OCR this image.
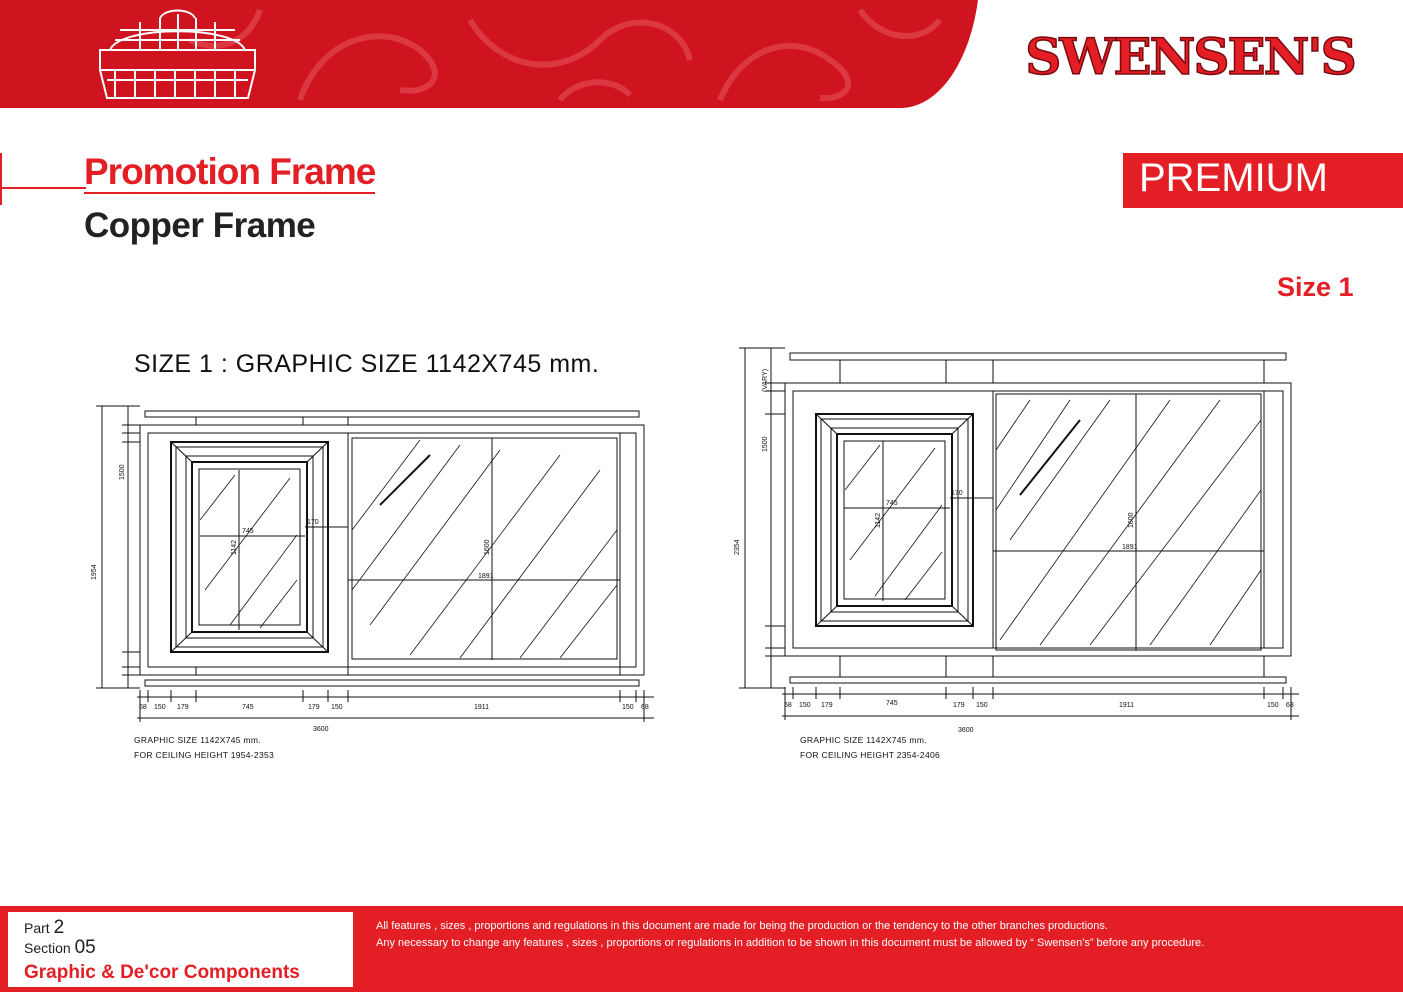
SWENSEN'S
Promotion Frame
Copper Frame
PREMIUM
Size 1
SIZE 1 : GRAPHIC SIZE 1142X745 mm.
745
1142
170
1600
1891
1954
1500
3600
68 150 179	745	179 150	1911	150 68
745
1142
170
1600
1891
2354
1500
(VARY)
3600
68 150 179	745	179 150	1911	150 68
GRAPHIC SIZE 1142X745 mm.
FOR CEILING HEIGHT 1954-2353
GRAPHIC SIZE 1142X745 mm.
FOR CEILING HEIGHT 2354-2406
Part 2
Section 05
Graphic & De'cor Components
All features , sizes , proportions and regulations in this document are made for being the production or the tendency to the other branches productions.
Any necessary to change any features , sizes , proportions or regulations in addition to be shown in this document must be allowed by “ Swensen's” before any procedure.
